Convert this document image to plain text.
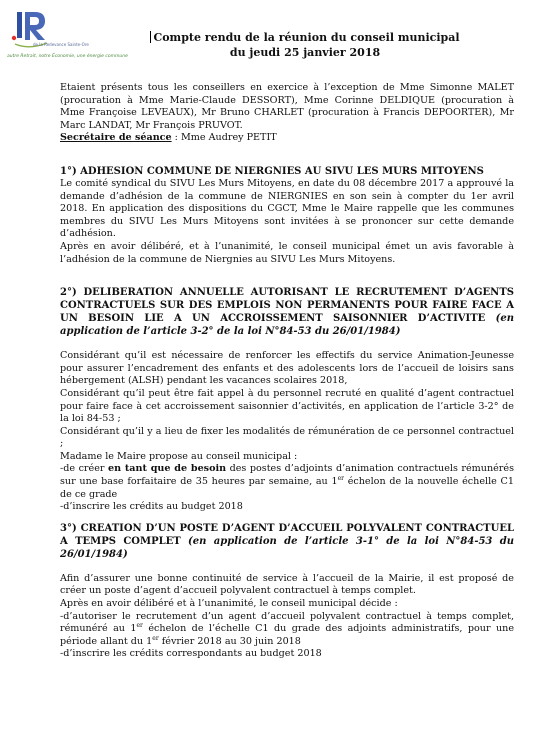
de la Redevance Sainte-Ore
autre Retrait, notre Économie, une énergie commune
Compte rendu de la réunion du conseil municipal
du jeudi 25 janvier 2018

Etaient présents tous les conseillers en exercice à l’exception de Mme Simonne MALET (procuration à Mme Marie-Claude DESSORT), Mme Corinne DELDIQUE (procuration à Mme Françoise LEVEAUX), Mr Bruno CHARLET (procuration à Francis DEPOORTER), Mr Marc LANDAT, Mr François PRUVOT.

Secrétaire de séance : Mme Audrey PETIT

1°) ADHESION COMMUNE DE NIERGNIES AU SIVU LES MURS MITOYENS

Le comité syndical du SIVU Les Murs Mitoyens, en date du 08 décembre 2017 a approuvé la demande d’adhésion de la commune de NIERGNIES en son sein à compter du 1er avril 2018. En application des dispositions du CGCT, Mme le Maire rappelle que les communes membres du SIVU Les Murs Mitoyens sont invitées à se prononcer sur cette demande d’adhésion.

Après en avoir délibéré, et à l’unanimité, le conseil municipal émet un avis favorable à l’adhésion de la commune de Niergnies au SIVU Les Murs Mitoyens.

2°) DELIBERATION ANNUELLE AUTORISANT LE RECRUTEMENT D’AGENTS CONTRACTUELS SUR DES EMPLOIS NON PERMANENTS POUR FAIRE FACE A UN BESOIN LIE A UN ACCROISSEMENT SAISONNIER D’ACTIVITE (en application de l’article 3-2° de la loi N°84-53 du 26/01/1984)

Considérant qu’il est nécessaire de renforcer les effectifs du service Animation-Jeunesse pour assurer l’encadrement des enfants et des adolescents lors de l’accueil de loisirs sans hébergement (ALSH) pendant les vacances scolaires 2018,

Considérant qu’il peut être fait appel à du personnel recruté en qualité d’agent contractuel pour faire face à cet accroissement saisonnier d’activités, en application de l’article 3-2° de la loi 84-53 ;

Considérant qu’il y a lieu de fixer les modalités de rémunération de ce personnel contractuel ;

Madame le Maire propose au conseil municipal :

-de créer en tant que de besoin des postes d’adjoints d’animation contractuels rémunérés sur une base forfaitaire de 35 heures par semaine, au 1er échelon de la nouvelle échelle C1 de ce grade

-d’inscrire les crédits au budget 2018

3°) CREATION D’UN POSTE D’AGENT D’ACCUEIL POLYVALENT CONTRACTUEL A TEMPS COMPLET (en application de l’article 3-1° de la loi N°84-53 du 26/01/1984)

Afin d’assurer une bonne continuité de service à l’accueil de la Mairie, il est proposé de créer un poste d’agent d’accueil polyvalent contractuel à temps complet.

Après en avoir délibéré et à l’unanimité, le conseil municipal décide :

-d’autoriser le recrutement d’un agent d’accueil polyvalent contractuel à temps complet, rémunéré au 1er échelon de l’échelle C1 du grade des adjoints administratifs, pour une période allant du 1er février 2018 au 30 juin 2018

-d’inscrire les crédits correspondants au budget 2018
